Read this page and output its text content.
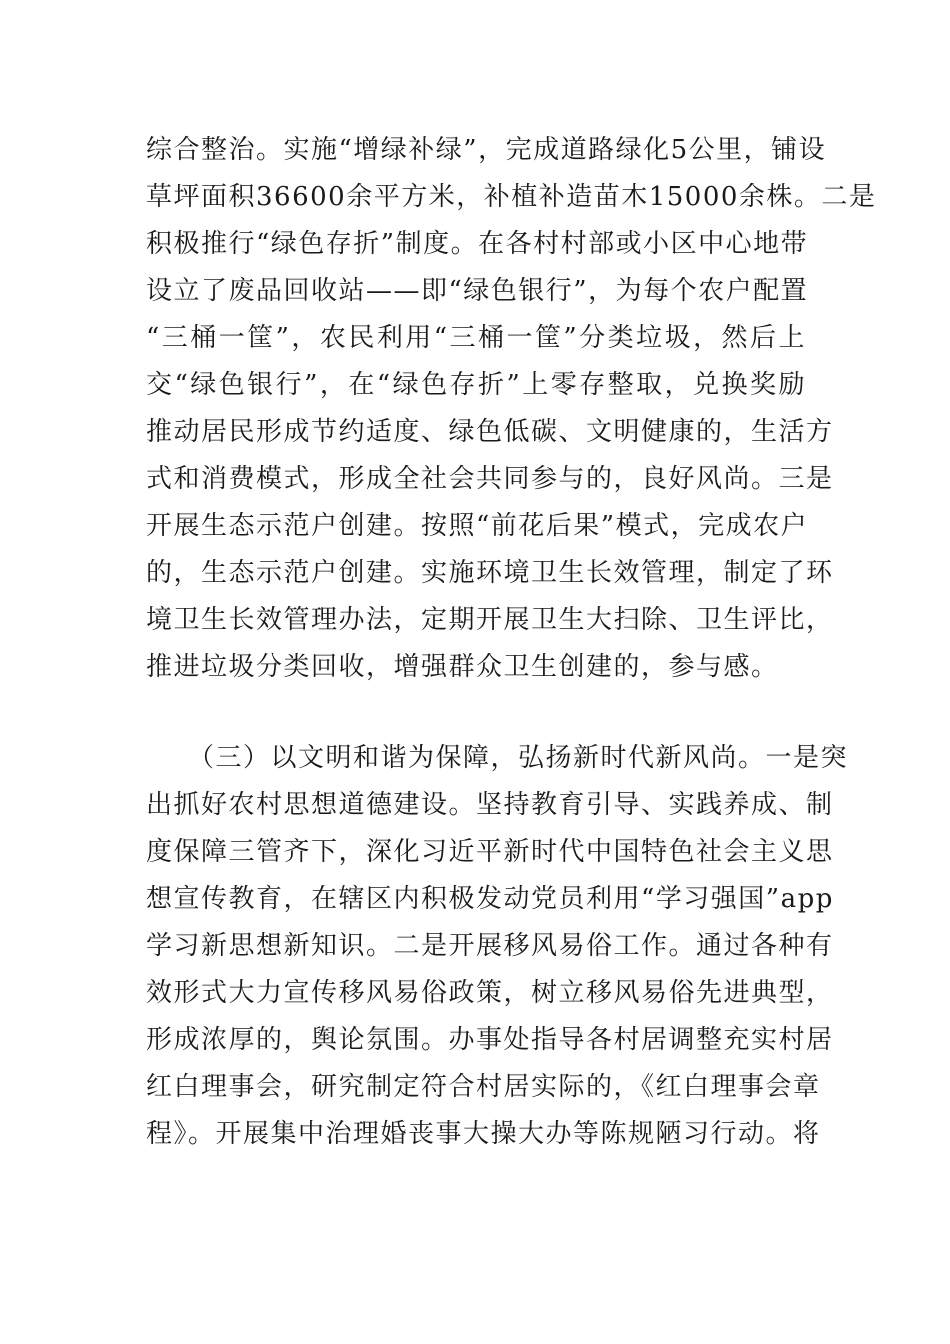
综合整治。实施“增绿补绿”，完成道路绿化5公里，铺设
草坪面积36600余平方米，补植补造苗木15000余株。二是
积极推行“绿色存折”制度。在各村村部或小区中心地带
设立了废品回收站——即“绿色银行”，为每个农户配置
“三桶一筐”，农民利用“三桶一筐”分类垃圾，然后上
交“绿色银行”，在“绿色存折”上零存整取，兑换奖励
推动居民形成节约适度、绿色低碳、文明健康的，生活方
式和消费模式，形成全社会共同参与的，良好风尚。三是
开展生态示范户创建。按照“前花后果”模式，完成农户
的，生态示范户创建。实施环境卫生长效管理，制定了环
境卫生长效管理办法，定期开展卫生大扫除、卫生评比，
推进垃圾分类回收，增强群众卫生创建的，参与感。
（三）以文明和谐为保障，弘扬新时代新风尚。一是突
出抓好农村思想道德建设。坚持教育引导、实践养成、制
度保障三管齐下，深化习近平新时代中国特色社会主义思
想宣传教育，在辖区内积极发动党员利用“学习强国”app
学习新思想新知识。二是开展移风易俗工作。通过各种有
效形式大力宣传移风易俗政策，树立移风易俗先进典型，
形成浓厚的，舆论氛围。办事处指导各村居调整充实村居
红白理事会，研究制定符合村居实际的，《红白理事会章
程》。开展集中治理婚丧事大操大办等陈规陋习行动。将
